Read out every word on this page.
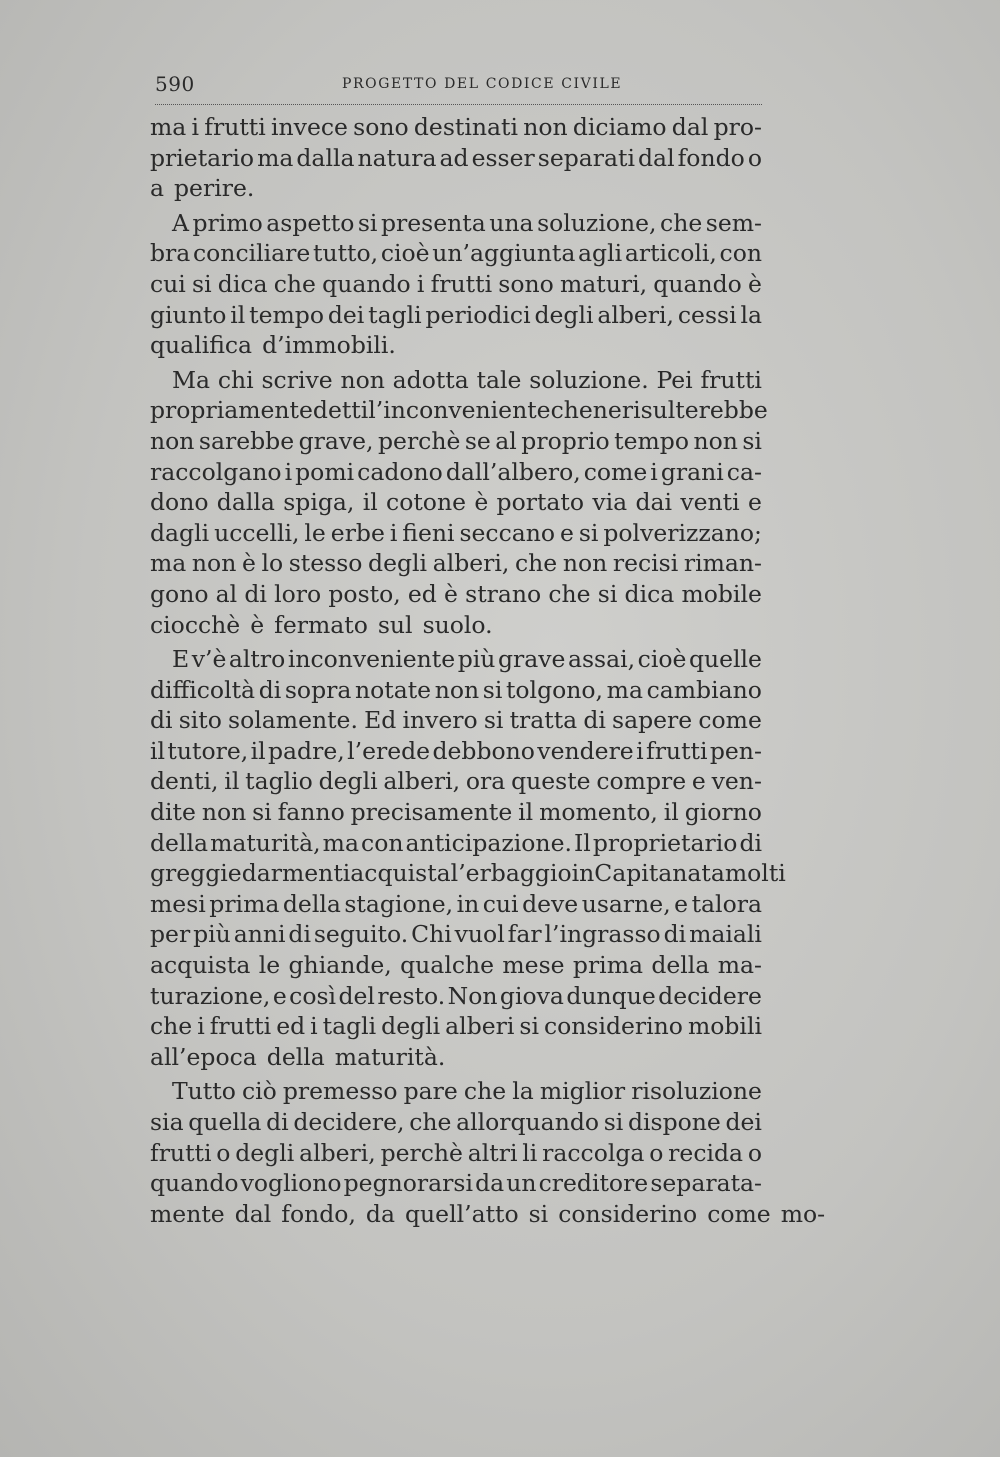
590	PROGETTO DEL CODICE CIVILE
ma i frutti invece sono destinati non diciamo dal pro-
prietario ma dalla natura ad esser separati dal fondo o
a perire.
A primo aspetto si presenta una soluzione, che sem-
bra conciliare tutto, cioè un’aggiunta agli articoli, con
cui si dica che quando i frutti sono maturi, quando è
giunto il tempo dei tagli periodici degli alberi, cessi la
qualifica d’immobili.
Ma chi scrive non adotta tale soluzione. Pei frutti
propriamente detti l’inconveniente che ne risulterebbe
non sarebbe grave, perchè se al proprio tempo non si
raccolgano i pomi cadono dall’albero, come i grani ca-
dono dalla spiga, il cotone è portato via dai venti e
dagli uccelli, le erbe i fieni seccano e si polverizzano;
ma non è lo stesso degli alberi, che non recisi riman-
gono al di loro posto, ed è strano che si dica mobile
ciocchè è fermato sul suolo.
E v’è altro inconveniente più grave assai, cioè quelle
difficoltà di sopra notate non si tolgono, ma cambiano
di sito solamente. Ed invero si tratta di sapere come
il tutore, il padre, l’erede debbono vendere i frutti pen-
denti, il taglio degli alberi, ora queste compre e ven-
dite non si fanno precisamente il momento, il giorno
della maturità, ma con anticipazione. Il proprietario di
greggi ed armenti acquista l’erbaggio in Capitanata molti
mesi prima della stagione, in cui deve usarne, e talora
per più anni di seguito. Chi vuol far l’ingrasso di maiali
acquista le ghiande, qualche mese prima della ma-
turazione, e così del resto. Non giova dunque decidere
che i frutti ed i tagli degli alberi si considerino mobili
all’epoca della maturità.
Tutto ciò premesso pare che la miglior risoluzione
sia quella di decidere, che allorquando si dispone dei
frutti o degli alberi, perchè altri li raccolga o recida o
quando vogliono pegnorarsi da un creditore separata-
mente dal fondo, da quell’atto si considerino come mo-
